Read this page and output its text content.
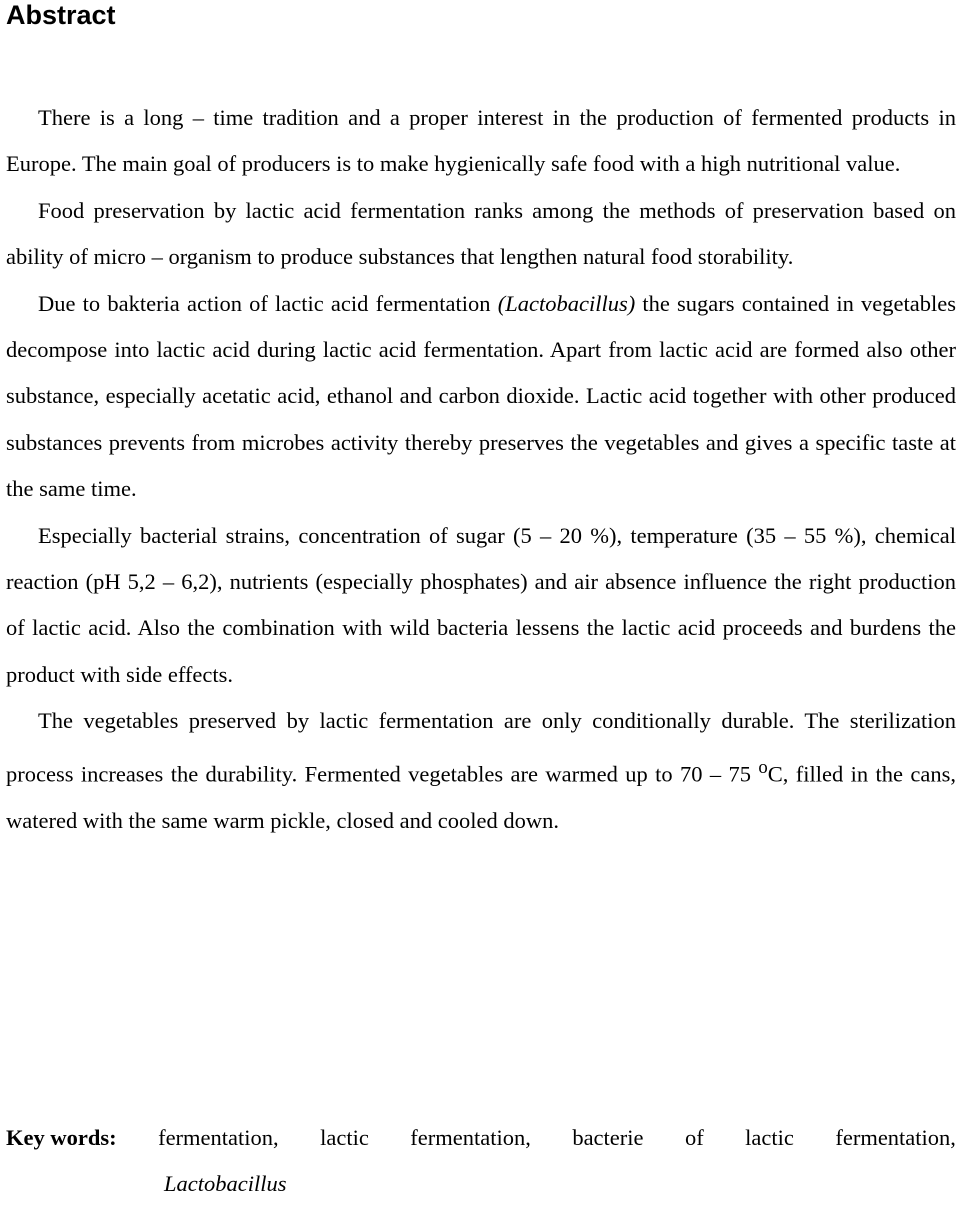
Abstract

There is a long – time tradition and a proper interest in the production of fermented products in Europe. The main goal of producers is to make hygienically safe food with a high nutritional value.

Food preservation by lactic acid fermentation ranks among the methods of preservation based on ability of micro – organism to produce substances that lengthen natural food storability.

Due to bakteria action of lactic acid fermentation (Lactobacillus) the sugars contained in vegetables decompose into lactic acid during lactic acid fermentation. Apart from lactic acid are formed also other substance, especially acetatic acid, ethanol and carbon dioxide. Lactic acid together with other produced substances prevents from microbes activity thereby preserves the vegetables and gives a specific taste at the same time.

Especially bacterial strains, concentration of sugar (5 – 20 %), temperature (35 – 55 %), chemical reaction (pH 5,2 – 6,2), nutrients (especially phosphates) and air absence influence the right production of lactic acid. Also the combination with wild bacteria lessens the lactic acid proceeds and burdens the product with side effects.

The vegetables preserved by lactic fermentation are only conditionally durable. The sterilization process increases the durability. Fermented vegetables are warmed up to 70 – 75 $^o$C, filled in the cans, watered with the same warm pickle, closed and cooled down.

Key words: fermentation, lactic fermentation, bacterie of lactic fermentation,
Lactobacillus
